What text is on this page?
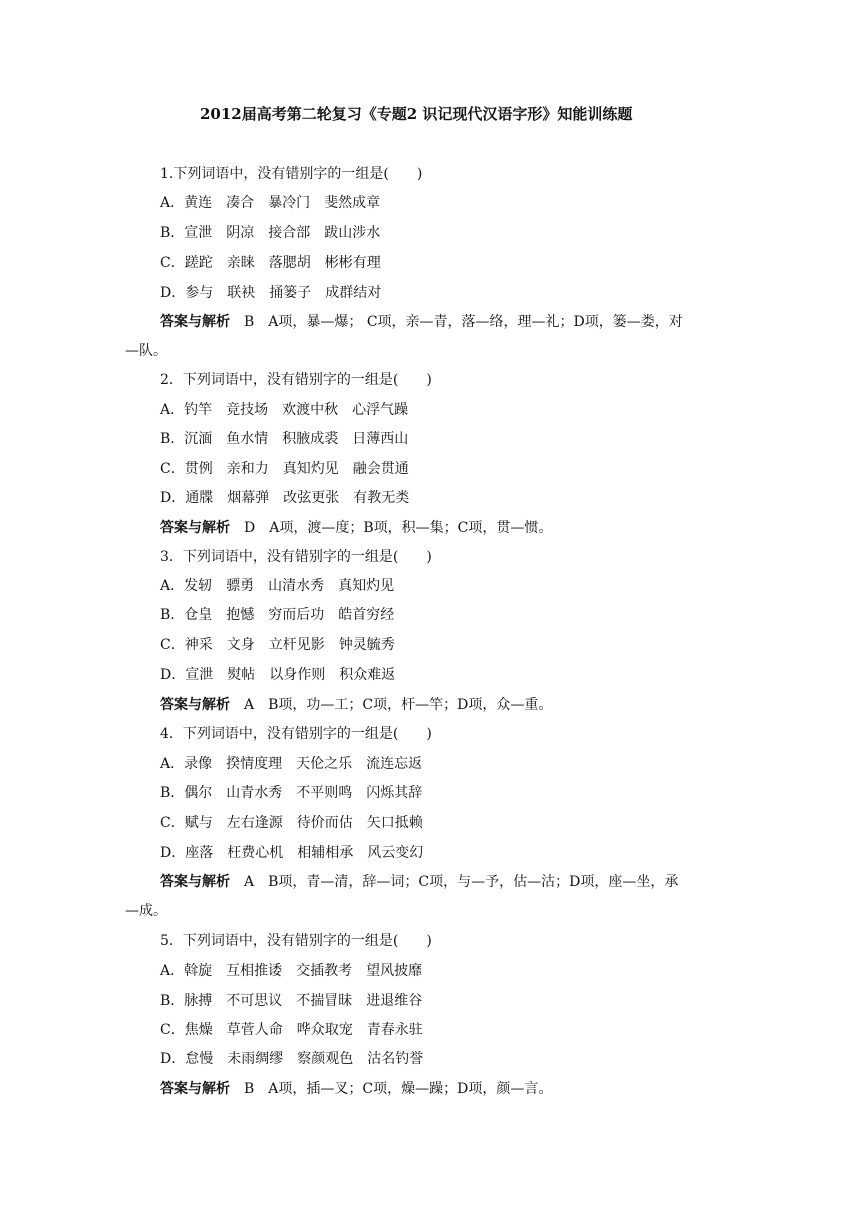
2012届高考第二轮复习《专题2 识记现代汉语字形》知能训练题
1.下列词语中，没有错别字的一组是(　　)
A．黄连　凑合　暴冷门　斐然成章
B．宣泄　阴凉　接合部　跋山涉水
C．蹉跎　亲睐　落腮胡　彬彬有理
D．参与　联袂　捅篓子　成群结对
答案与解析 B　A项，暴—爆； C项，亲—青，落—络，理—礼；D项，篓—娄，对
—队。
2．下列词语中，没有错别字的一组是(　　)
A．钓竿　竞技场　欢渡中秋　心浮气躁
B．沉湎　鱼水情　积腋成裘　日薄西山
C．贯例　亲和力　真知灼见　融会贯通
D．通牒　烟幕弹　改弦更张　有教无类
答案与解析 D　A项，渡—度；B项，积—集；C项，贯—惯。
3．下列词语中，没有错别字的一组是(　　)
A．发轫　骠勇　山清水秀　真知灼见
B．仓皇　抱憾　穷而后功　皓首穷经
C．神采　文身　立杆见影　钟灵毓秀
D．宣泄　熨帖　以身作则　积众难返
答案与解析 A　B项，功—工；C项，杆—竿；D项，众—重。
4．下列词语中，没有错别字的一组是(　　)
A．录像　揆情度理　天伦之乐　流连忘返
B．偶尔　山青水秀　不平则鸣　闪烁其辞
C．赋与　左右逢源　待价而估　矢口抵赖
D．座落　枉费心机　相辅相承　风云变幻
答案与解析 A　B项，青—清，辞—词；C项，与—予，估—沽；D项，座—坐，承
—成。
5．下列词语中，没有错别字的一组是(　　)
A．斡旋　互相推诿　交插教考　望风披靡
B．脉搏　不可思议　不揣冒昧　进退维谷
C．焦燥　草菅人命　哗众取宠　青春永驻
D．怠慢　未雨绸缪　察颜观色　沽名钓誉
答案与解析 B　A项，插—叉；C项，燥—躁；D项，颜—言。
